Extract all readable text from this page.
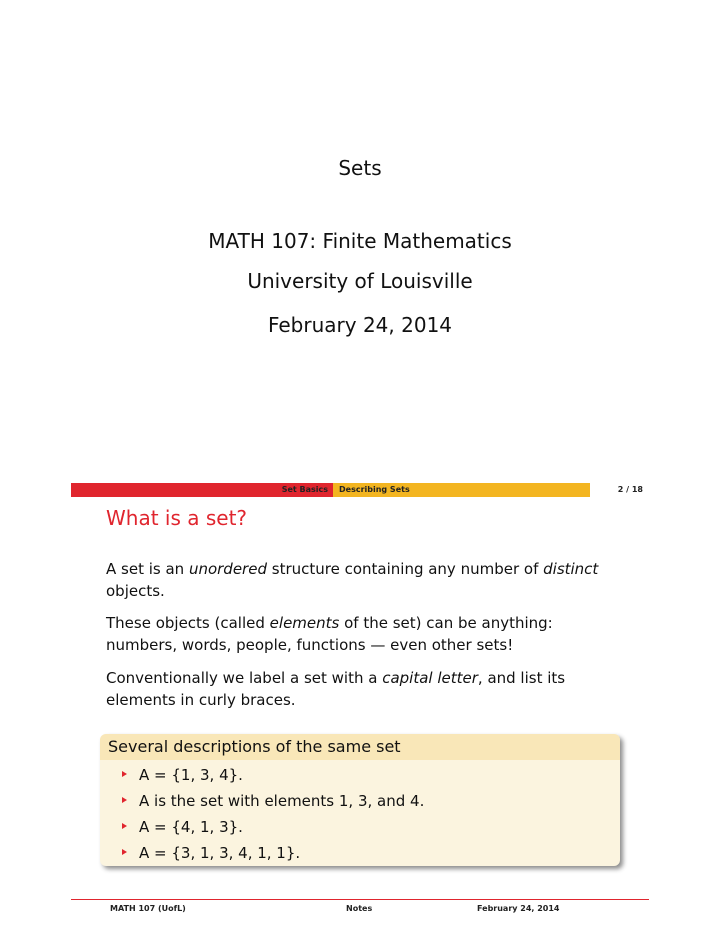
Sets
MATH 107: Finite Mathematics
University of Louisville
February 24, 2014
Set Basics	Describing Sets	2 / 18
What is a set?
A set is an unordered structure containing any number of distinct objects.
These objects (called elements of the set) can be anything: numbers, words, people, functions — even other sets!
Conventionally we label a set with a capital letter, and list its elements in curly braces.
Several descriptions of the same set
A = {1, 3, 4}.
A is the set with elements 1, 3, and 4.
A = {4, 1, 3}.
A = {3, 1, 3, 4, 1, 1}.
MATH 107 (UofL)	Notes	February 24, 2014
